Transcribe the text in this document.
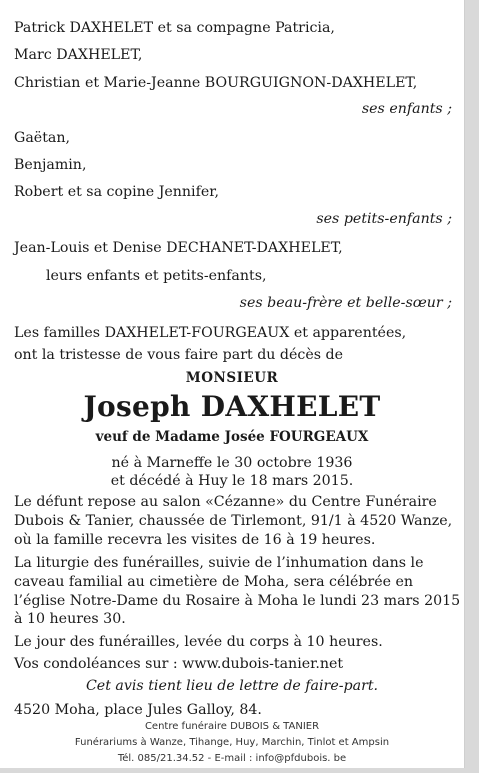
Patrick DAXHELET et sa compagne Patricia,
Marc DAXHELET,
Christian et Marie-Jeanne BOURGUIGNON-DAXHELET,
ses enfants ;
Gaëtan,
Benjamin,
Robert et sa copine Jennifer,
ses petits-enfants ;
Jean-Louis et Denise DECHANET-DAXHELET,
leurs enfants et petits-enfants,
ses beau-frère et belle-sœur ;
Les familles DAXHELET-FOURGEAUX et apparentées,
ont la tristesse de vous faire part du décès de
MONSIEUR
Joseph DAXHELET
veuf de Madame Josée FOURGEAUX
né à Marneffe le 30 octobre 1936
et décédé à Huy le 18 mars 2015.
Le défunt repose au salon «Cézanne» du Centre Funéraire
Dubois & Tanier, chaussée de Tirlemont, 91/1 à 4520 Wanze,
où la famille recevra les visites de 16 à 19 heures.
La liturgie des funérailles, suivie de l’inhumation dans le
caveau familial au cimetière de Moha, sera célébrée en
l’église Notre-Dame du Rosaire à Moha le lundi 23 mars 2015
à 10 heures 30.
Le jour des funérailles, levée du corps à 10 heures.
Vos condoléances sur : www.dubois-tanier.net
Cet avis tient lieu de lettre de faire-part.
4520 Moha, place Jules Galloy, 84.
Centre funéraire DUBOIS & TANIER
Funérariums à Wanze, Tihange, Huy, Marchin, Tinlot et Ampsin
Tél. 085/21.34.52 - E-mail : info@pfdubois. be
